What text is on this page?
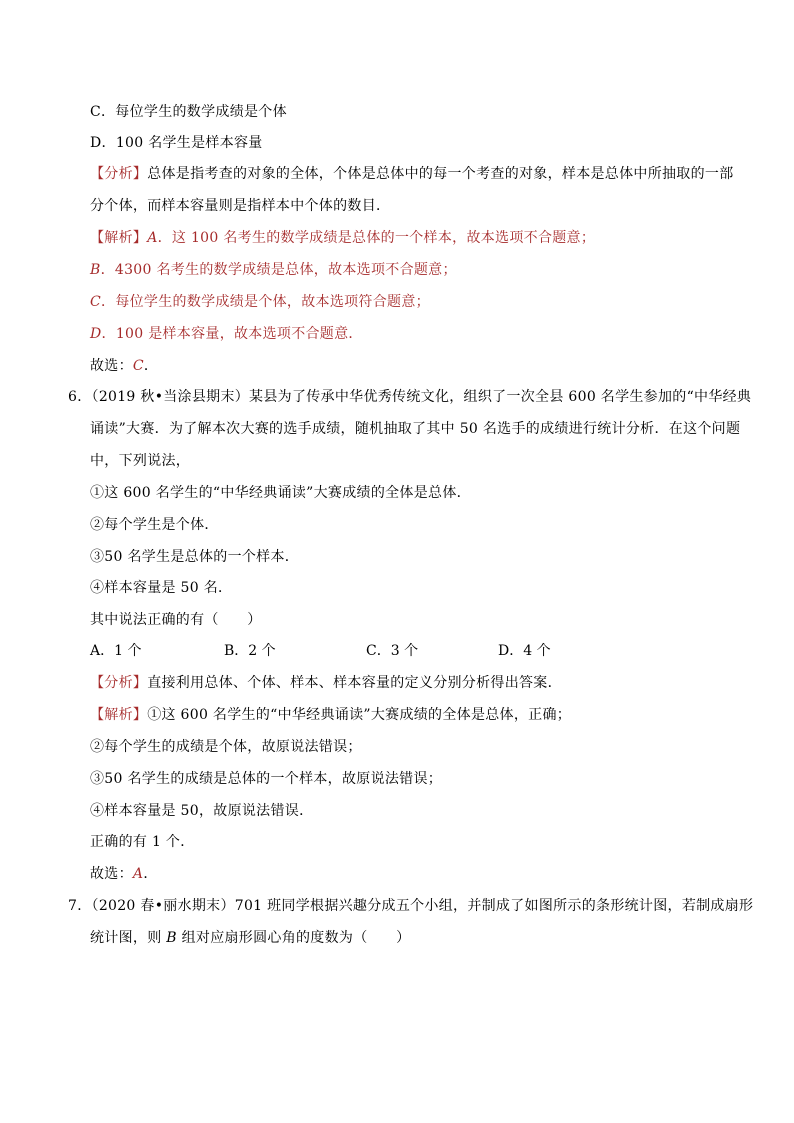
C．每位学生的数学成绩是个体
D．100 名学生是样本容量
【分析】总体是指考查的对象的全体，个体是总体中的每一个考查的对象，样本是总体中所抽取的一部
分个体，而样本容量则是指样本中个体的数目．
【解析】A．这 100 名考生的数学成绩是总体的一个样本，故本选项不合题意；
B．4300 名考生的数学成绩是总体，故本选项不合题意；
C．每位学生的数学成绩是个体，故本选项符合题意；
D．100 是样本容量，故本选项不合题意．
故选：C．
6．（2019 秋•当涂县期末）某县为了传承中华优秀传统文化，组织了一次全县 600 名学生参加的“中华经典
诵读”大赛．为了解本次大赛的选手成绩，随机抽取了其中 50 名选手的成绩进行统计分析．在这个问题
中，下列说法，
①这 600 名学生的“中华经典诵读”大赛成绩的全体是总体．
②每个学生是个体．
③50 名学生是总体的一个样本．
④样本容量是 50 名．
其中说法正确的有（　　）
A．1 个	B．2 个	C．3 个	D．4 个
【分析】直接利用总体、个体、样本、样本容量的定义分别分析得出答案．
【解析】①这 600 名学生的“中华经典诵读”大赛成绩的全体是总体，正确；
②每个学生的成绩是个体，故原说法错误；
③50 名学生的成绩是总体的一个样本，故原说法错误；
④样本容量是 50，故原说法错误．
正确的有 1 个．
故选：A．
7．（2020 春•丽水期末）701 班同学根据兴趣分成五个小组，并制成了如图所示的条形统计图，若制成扇形
统计图，则 B 组对应扇形圆心角的度数为（　　）
